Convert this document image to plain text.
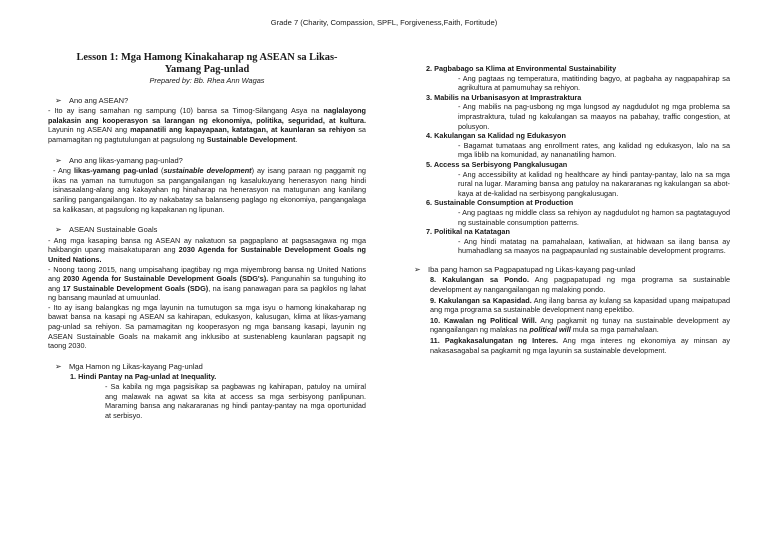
Grade 7 (Charity, Compassion, SPFL, Forgiveness,Faith, Fortitude)
Lesson 1: Mga Hamong Kinakaharap ng ASEAN sa Likas-
Yamang Pag-unlad
Prepared by: Bb. Rhea Ann Wagas
➢ Ano ang ASEAN?
- Ito ay isang samahan ng sampung (10) bansa sa Timog-Silangang Asya na naglalayong palakasin ang kooperasyon sa larangan ng ekonomiya, politika, seguridad, at kultura. Layunin ng ASEAN ang mapanatili ang kapayapaan, katatagan, at kaunlaran sa rehiyon sa pamamagitan ng pagtutulungan at pagsulong ng Sustainable Development.
➢ Ano ang likas-yamang pag-unlad?
- Ang likas-yamang pag-unlad (sustainable development) ay isang paraan ng paggamit ng ikas na yaman na tumutugon sa pangangailangan ng kasalukuyang henerasyon nang hindi isinasaalang-alang ang kakayahan ng hinaharap na henerasyon na matugunan ang kanilang sariling pangangailangan. Ito ay nakabatay sa balanseng paglago ng ekonomiya, pangangalaga sa kalikasan, at pagsulong ng kapakanan ng lipunan.
➢ ASEAN Sustainable Goals
- Ang mga kasaping bansa ng ASEAN ay nakatuon sa pagpaplano at pagsasagawa ng mga hakbangin upang maisakatuparan ang 2030 Agenda for Sustainable Development Goals ng United Nations.
- Noong taong 2015, nang umpisahang ipagtibay ng mga miyembrong bansa ng United Nations ang 2030 Agenda for Sustainable Development Goals (SDG's). Pangunahin sa tunguhing ito ang 17 Sustainable Development Goals (SDG), na isang panawagan para sa pagkilos ng lahat ng bansang maunlad at umuunlad.
- Ito ay isang balangkas ng mga layunin na tumutugon sa mga isyu o hamong kinakaharap ng bawat bansa na kasapi ng ASEAN sa kahirapan, edukasyon, kalusugan, klima at likas-yamang pag-unlad sa rehiyon. Sa pamamagitan ng kooperasyon ng mga bansang kasapi, layunin ng ASEAN Sustainable Goals na makamit ang inklusibo at sustenableng kaunlaran pagsapit ng taong 2030.
➢ Mga Hamon ng Likas-kayang Pag-unlad
1. Hindi Pantay na Pag-unlad at Inequality.
- Sa kabila ng mga pagsisikap sa pagbawas ng kahirapan, patuloy na umiiral ang malawak na agwat sa kita at access sa mga serbisyong panlipunan. Maraming bansa ang nakararanas ng hindi pantay-pantay na mga oportunidad at serbisyo.
2. Pagbabago sa Klima at Environmental Sustainability
- Ang pagtaas ng temperatura, matitinding bagyo, at pagbaha ay nagpapahirap sa agrikultura at pamumuhay sa rehiyon.
3. Mabilis na Urbanisasyon at Imprastraktura
- Ang mabilis na pag-usbong ng mga lungsod ay nagdudulot ng mga problema sa imprastraktura, tulad ng kakulangan sa maayos na pabahay, traffic congestion, at polusyon.
4. Kakulangan sa Kalidad ng Edukasyon
- Bagamat tumataas ang enrollment rates, ang kalidad ng edukasyon, lalo na sa mga liblib na komunidad, ay nananatiling hamon.
5. Access sa Serbisyong Pangkalusugan
- Ang accessibility at kalidad ng healthcare ay hindi pantay-pantay, lalo na sa mga rural na lugar. Maraming bansa ang patuloy na nakararanas ng kakulangan sa abot-kaya at de-kalidad na serbisyong pangkalusugan.
6. Sustainable Consumption at Production
- Ang pagtaas ng middle class sa rehiyon ay nagdudulot ng hamon sa pagtataguyod ng sustainable consumption patterns.
7. Politikal na Katatagan
- Ang hindi matatag na pamahalaan, katiwalian, at hidwaan sa ilang bansa ay humahadlang sa maayos na pagpapaunlad ng sustainable development programs.
➢ Iba pang hamon sa Pagpapatupad ng Likas-kayang pag-unlad
8. Kakulangan sa Pondo. Ang pagpapatupad ng mga programa sa sustainable development ay nangangailangan ng malaking pondo.
9. Kakulangan sa Kapasidad. Ang ilang bansa ay kulang sa kapasidad upang maipatupad ang mga programa sa sustainable development nang epektibo.
10. Kawalan ng Political Will. Ang pagkamit ng tunay na sustainable development ay ngangailangan ng malakas na political will mula sa mga pamahalaan.
11. Pagkakasalungatan ng Interes. Ang mga interes ng ekonomiya ay minsan ay nakasasagabal sa pagkamit ng mga layunin sa sustainable development.
